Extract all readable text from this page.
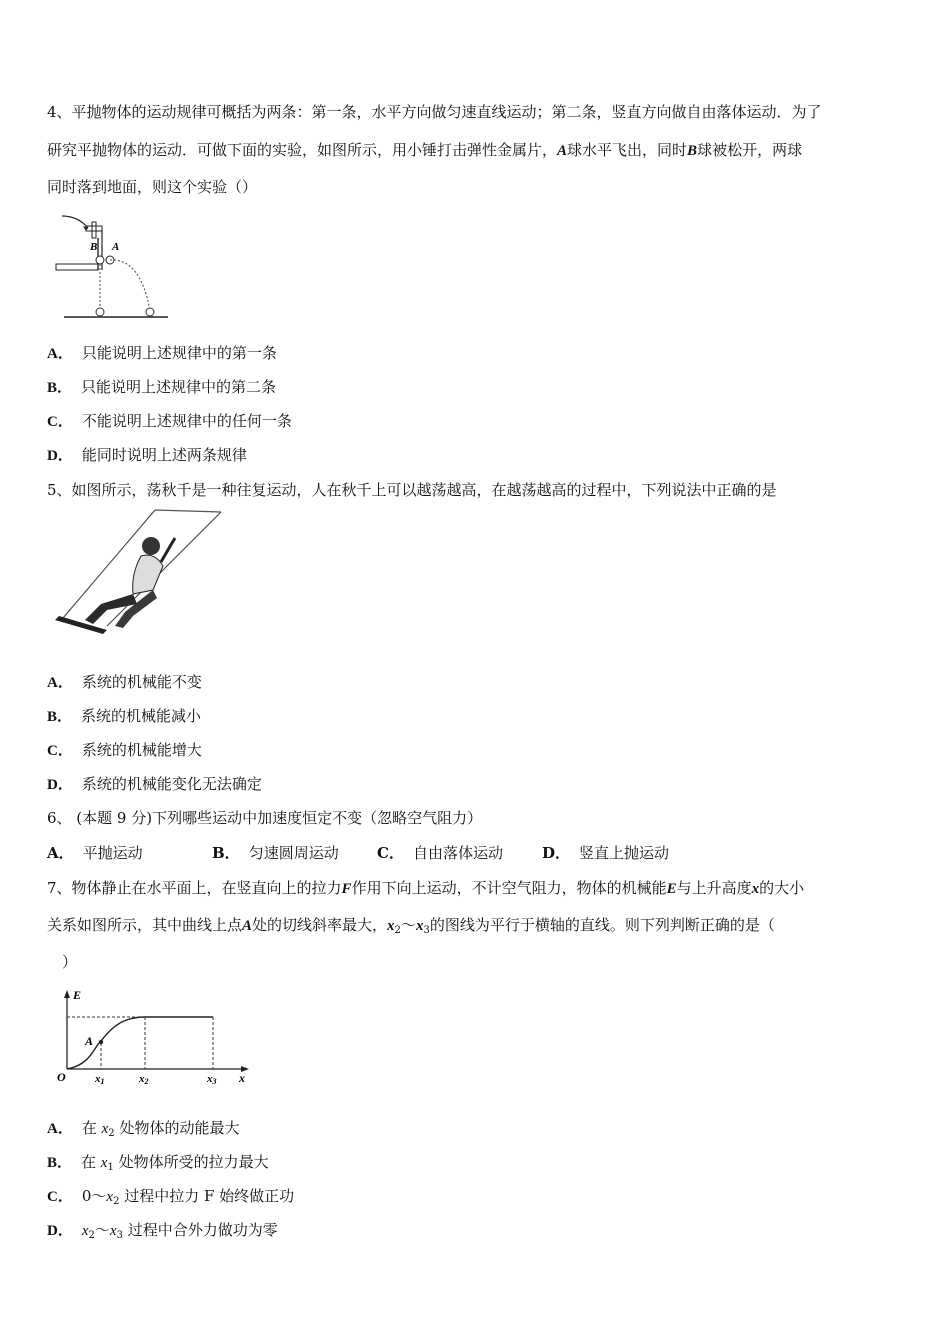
4、平抛物体的运动规律可概括为两条：第一条，水平方向做匀速直线运动；第二条，竖直方向做自由落体运动．为了
研究平抛物体的运动．可做下面的实验，如图所示，用小锤打击弹性金属片，A球水平飞出，同时B球被松开，两球
同时落到地面，则这个实验（）
B A
A． 只能说明上述规律中的第一条
B． 只能说明上述规律中的第二条
C． 不能说明上述规律中的任何一条
D． 能同时说明上述两条规律
5、如图所示，荡秋千是一种往复运动，人在秋千上可以越荡越高，在越荡越高的过程中，下列说法中正确的是
A． 系统的机械能不变
B． 系统的机械能减小
C． 系统的机械能增大
D． 系统的机械能变化无法确定
6、 (本题 9 分)下列哪些运动中加速度恒定不变（忽略空气阻力）
A． 平抛运动	B． 匀速圆周运动	C． 自由落体运动	D． 竖直上抛运动
7、物体静止在水平面上，在竖直向上的拉力F作用下向上运动，不计空气阻力，物体的机械能E与上升高度x的大小
关系如图所示，其中曲线上点A处的切线斜率最大，$x_2\sim x_3$的图线为平行于横轴的直线。则下列判断正确的是（
）
E
A
O	x1	x2	x3 x
A． 在 $x_2$ 处物体的动能最大
B． 在 $x_1$ 处物体所受的拉力最大
C． $0\sim x_2$ 过程中拉力 F 始终做正功
D． $x_2\sim x_3$ 过程中合外力做功为零
